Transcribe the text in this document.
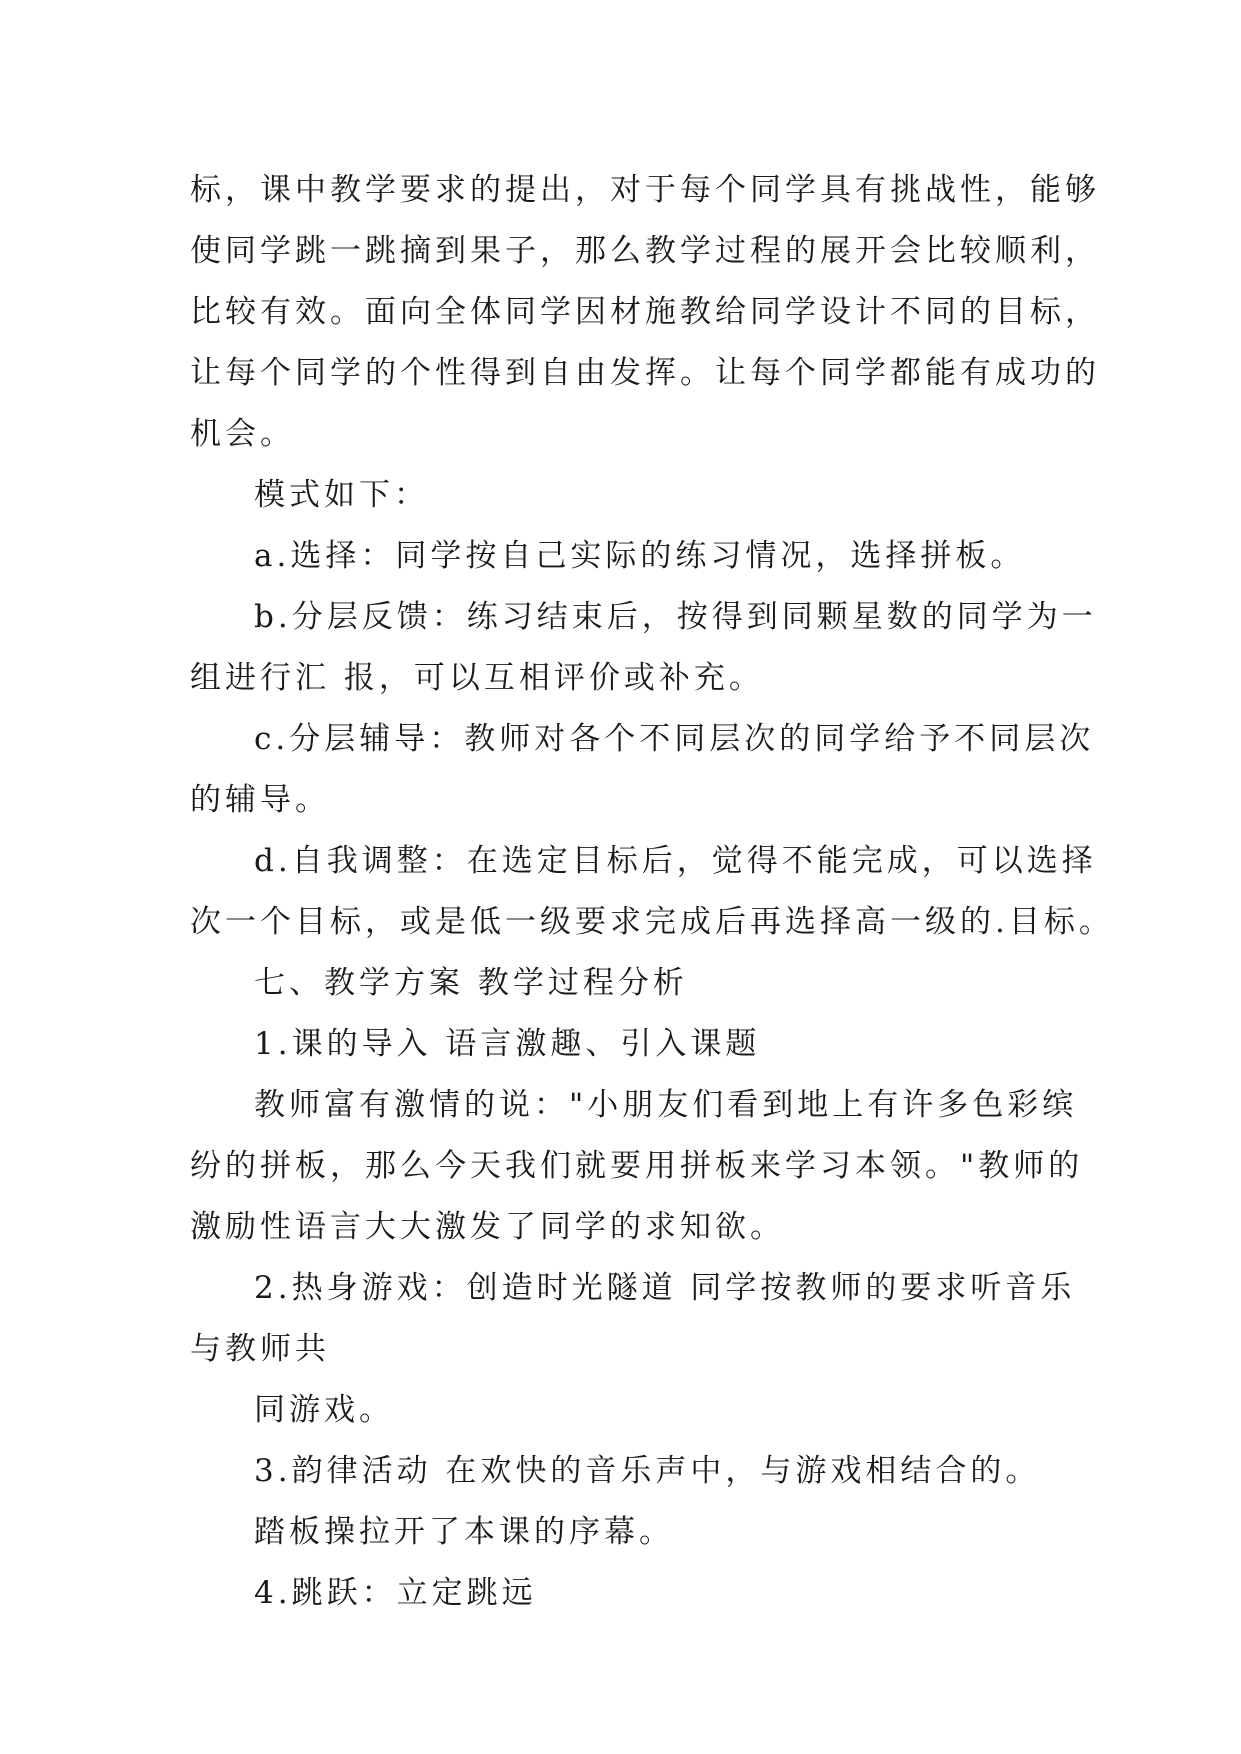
标，课中教学要求的提出，对于每个同学具有挑战性，能够

使同学跳一跳摘到果子，那么教学过程的展开会比较顺利，

比较有效。面向全体同学因材施教给同学设计不同的目标，

让每个同学的个性得到自由发挥。让每个同学都能有成功的

机会。

模式如下：

a.选择：同学按自己实际的练习情况，选择拼板。

b.分层反馈：练习结束后，按得到同颗星数的同学为一

组进行汇 报，可以互相评价或补充。

c.分层辅导：教师对各个不同层次的同学给予不同层次

的辅导。

d.自我调整：在选定目标后，觉得不能完成，可以选择

次一个目标，或是低一级要求完成后再选择高一级的.目标。

七、教学方案 教学过程分析

1.课的导入 语言激趣、引入课题

教师富有激情的说："小朋友们看到地上有许多色彩缤

纷的拼板，那么今天我们就要用拼板来学习本领。"教师的

激励性语言大大激发了同学的求知欲。

2.热身游戏：创造时光隧道 同学按教师的要求听音乐

与教师共

同游戏。

3.韵律活动 在欢快的音乐声中，与游戏相结合的。

踏板操拉开了本课的序幕。

4.跳跃：立定跳远
